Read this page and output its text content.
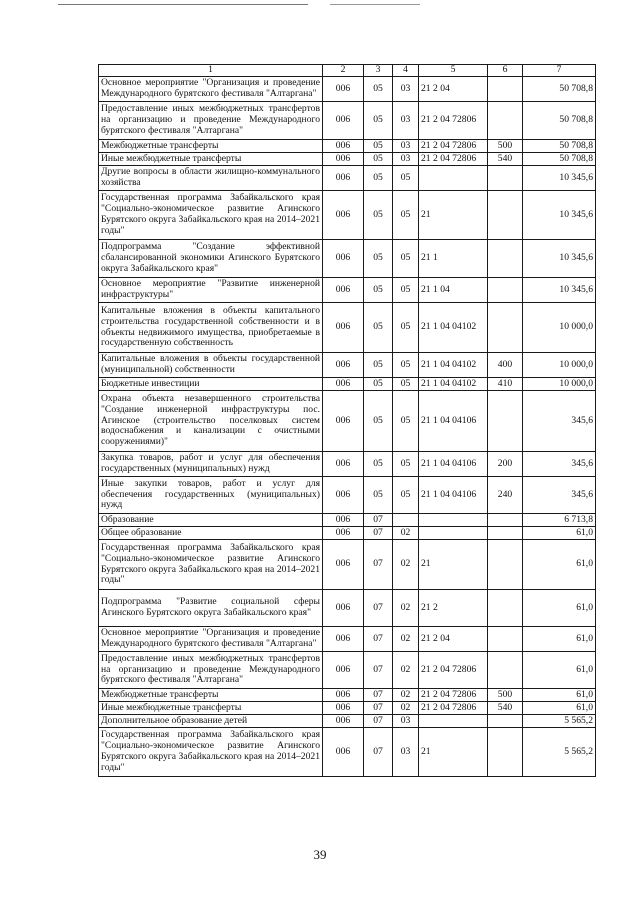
1	2	3	4	5	6	7
Основное мероприятие "Организация и проведение Международного бурятского фестиваля "Алтаргана"	006	05	03	21 2 04		50 708,8
Предоставление иных межбюджетных трансфертов на организацию и проведение Международного бурятского фестиваля "Алтаргана"	006	05	03	21 2 04 72806		50 708,8
Межбюджетные трансферты	006	05	03	21 2 04 72806	500	50 708,8
Иные межбюджетные трансферты	006	05	03	21 2 04 72806	540	50 708,8
Другие вопросы в области жилищно-коммунального хозяйства	006	05	05			10 345,6
Государственная программа Забайкальского края "Социально-экономическое развитие Агинского Бурятского округа Забайкальского края на 2014–2021 годы"	006	05	05	21		10 345,6
Подпрограмма "Создание эффективной сбалансированной экономики Агинского Бурятского округа Забайкальского края"	006	05	05	21 1		10 345,6
Основное мероприятие "Развитие инженерной инфраструктуры"	006	05	05	21 1 04		10 345,6
Капитальные вложения в объекты капитального строительства государственной собственности и в объекты недвижимого имущества, приобретаемые в государственную собственность	006	05	05	21 1 04 04102		10 000,0
Капитальные вложения в объекты государственной (муниципальной) собственности	006	05	05	21 1 04 04102	400	10 000,0
Бюджетные инвестиции	006	05	05	21 1 04 04102	410	10 000,0
Охрана объекта незавершенного строительства "Создание инженерной инфраструктуры пос. Агинское (строительство поселковых систем водоснабжения и канализации с очистными сооружениями)"	006	05	05	21 1 04 04106		345,6
Закупка товаров, работ и услуг для обеспечения государственных (муниципальных) нужд	006	05	05	21 1 04 04106	200	345,6
Иные закупки товаров, работ и услуг для обеспечения государственных (муниципальных) нужд	006	05	05	21 1 04 04106	240	345,6
Образование	006	07				6 713,8
Общее образование	006	07	02			61,0
Государственная программа Забайкальского края "Социально-экономическое развитие Агинского Бурятского округа Забайкальского края на 2014–2021 годы"	006	07	02	21		61,0
Подпрограмма "Развитие социальной сферы Агинского Бурятского округа Забайкальского края"	006	07	02	21 2		61,0
Основное мероприятие "Организация и проведение Международного бурятского фестиваля "Алтаргана"	006	07	02	21 2 04		61,0
Предоставление иных межбюджетных трансфертов на организацию и проведение Международного бурятского фестиваля "Алтаргана"	006	07	02	21 2 04 72806		61,0
Межбюджетные трансферты	006	07	02	21 2 04 72806	500	61,0
Иные межбюджетные трансферты	006	07	02	21 2 04 72806	540	61,0
Дополнительное образование детей	006	07	03			5 565,2
Государственная программа Забайкальского края "Социально-экономическое развитие Агинского Бурятского округа Забайкальского края на 2014–2021 годы"	006	07	03	21		5 565,2
39
